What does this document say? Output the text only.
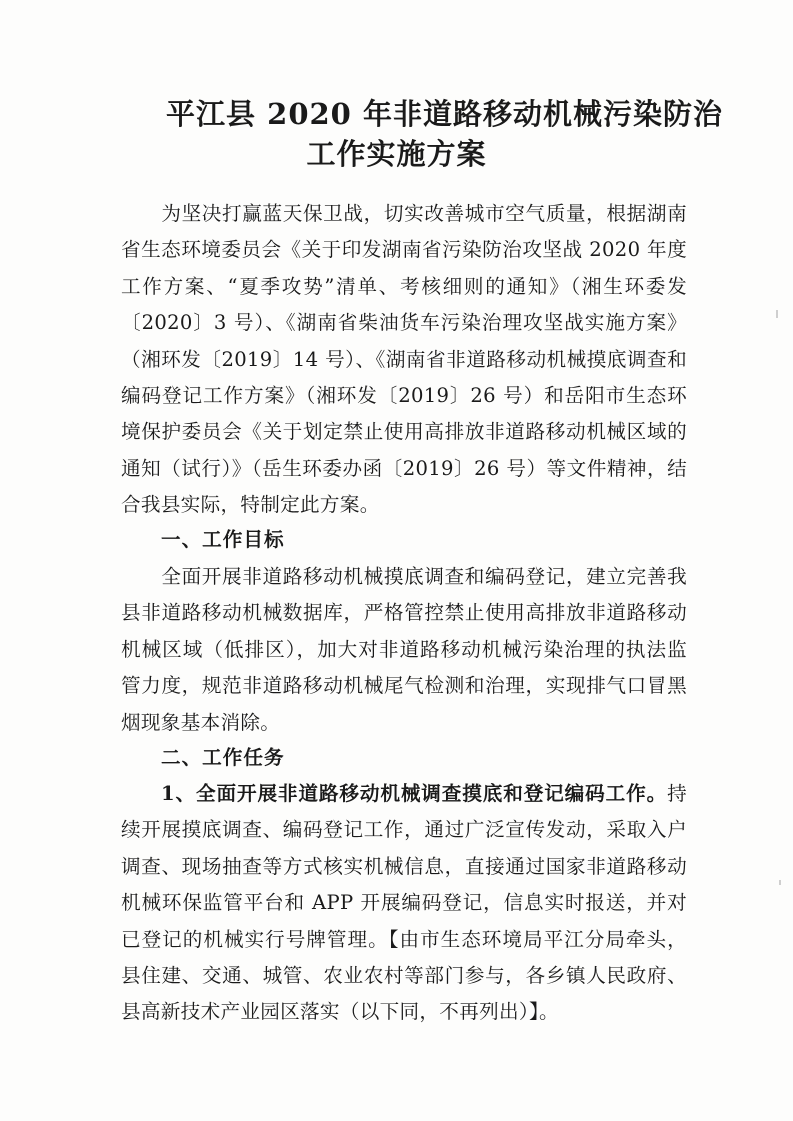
平江县 2020 年非道路移动机械污染防治
工作实施方案

为坚决打赢蓝天保卫战，切实改善城市空气质量，根据湖南省生态环境委员会《关于印发湖南省污染防治攻坚战 2020 年度工作方案、“夏季攻势”清单、考核细则的通知》（湘生环委发〔2020〕3 号）、《湖南省柴油货车污染治理攻坚战实施方案》（湘环发〔2019〕14 号）、《湖南省非道路移动机械摸底调查和编码登记工作方案》（湘环发〔2019〕26 号）和岳阳市生态环境保护委员会《关于划定禁止使用高排放非道路移动机械区域的通知（试行）》（岳生环委办函〔2019〕26 号）等文件精神，结合我县实际，特制定此方案。

一、工作目标

全面开展非道路移动机械摸底调查和编码登记，建立完善我县非道路移动机械数据库，严格管控禁止使用高排放非道路移动机械区域（低排区），加大对非道路移动机械污染治理的执法监管力度，规范非道路移动机械尾气检测和治理，实现排气口冒黑烟现象基本消除。

二、工作任务

1、全面开展非道路移动机械调查摸底和登记编码工作。持续开展摸底调查、编码登记工作，通过广泛宣传发动，采取入户调查、现场抽查等方式核实机械信息，直接通过国家非道路移动机械环保监管平台和 APP 开展编码登记，信息实时报送，并对已登记的机械实行号牌管理。【由市生态环境局平江分局牵头，县住建、交通、城管、农业农村等部门参与，各乡镇人民政府、县高新技术产业园区落实（以下同，不再列出）】。
